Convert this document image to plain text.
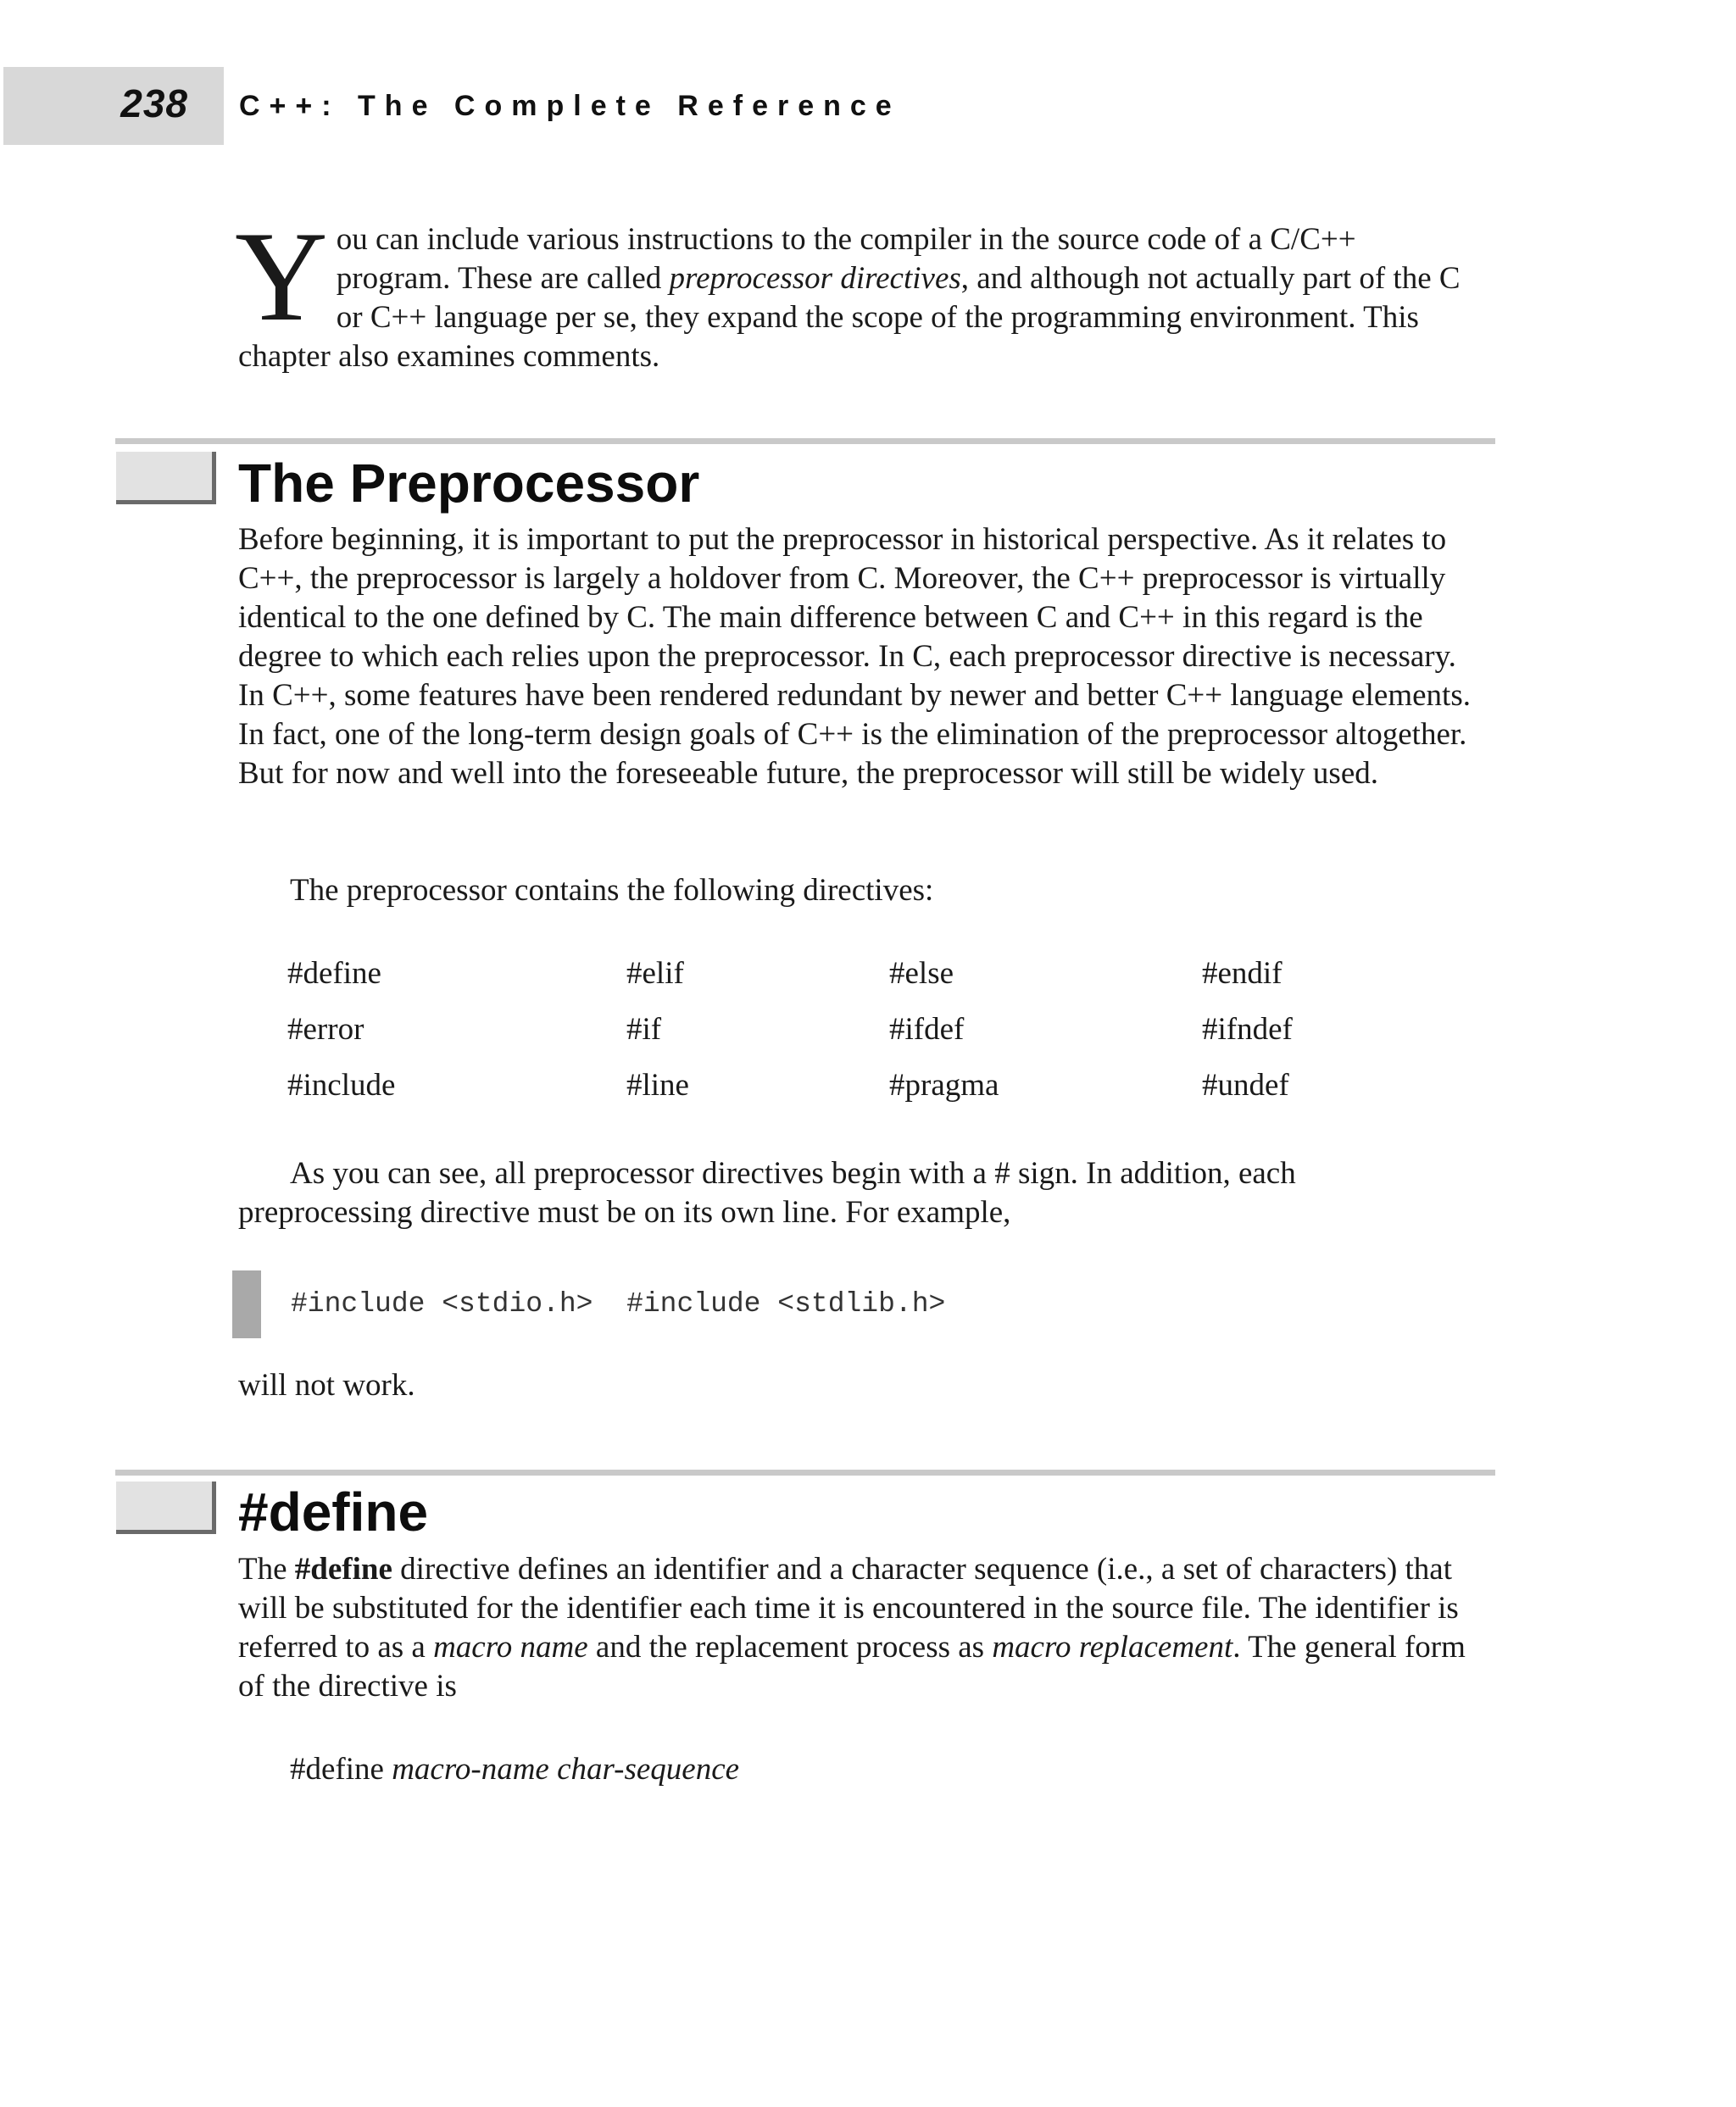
238 C++: The Complete Reference
Y ou can include various instructions to the compiler in the source code of a C/C++ program. These are called preprocessor directives, and although not actually part of the C or C++ language per se, they expand the scope of the programming environment. This chapter also examines comments.

The Preprocessor

Before beginning, it is important to put the preprocessor in historical perspective. As it relates to C++, the preprocessor is largely a holdover from C. Moreover, the C++ preprocessor is virtually identical to the one defined by C. The main difference between C and C++ in this regard is the degree to which each relies upon the preprocessor. In C, each preprocessor directive is necessary. In C++, some features have been rendered redundant by newer and better C++ language elements. In fact, one of the long-term design goals of C++ is the elimination of the preprocessor altogether. But for now and well into the foreseeable future, the preprocessor will still be widely used.

The preprocessor contains the following directives:

#define	#elif	#else	#endif
#error	#if	#ifdef	#ifndef
#include	#line	#pragma	#undef

As you can see, all preprocessor directives begin with a # sign. In addition, each preprocessing directive must be on its own line. For example,

#include <stdio.h>  #include <stdlib.h>

will not work.

#define

The #define directive defines an identifier and a character sequence (i.e., a set of characters) that will be substituted for the identifier each time it is encountered in the source file. The identifier is referred to as a macro name and the replacement process as macro replacement. The general form of the directive is

#define macro-name char-sequence
